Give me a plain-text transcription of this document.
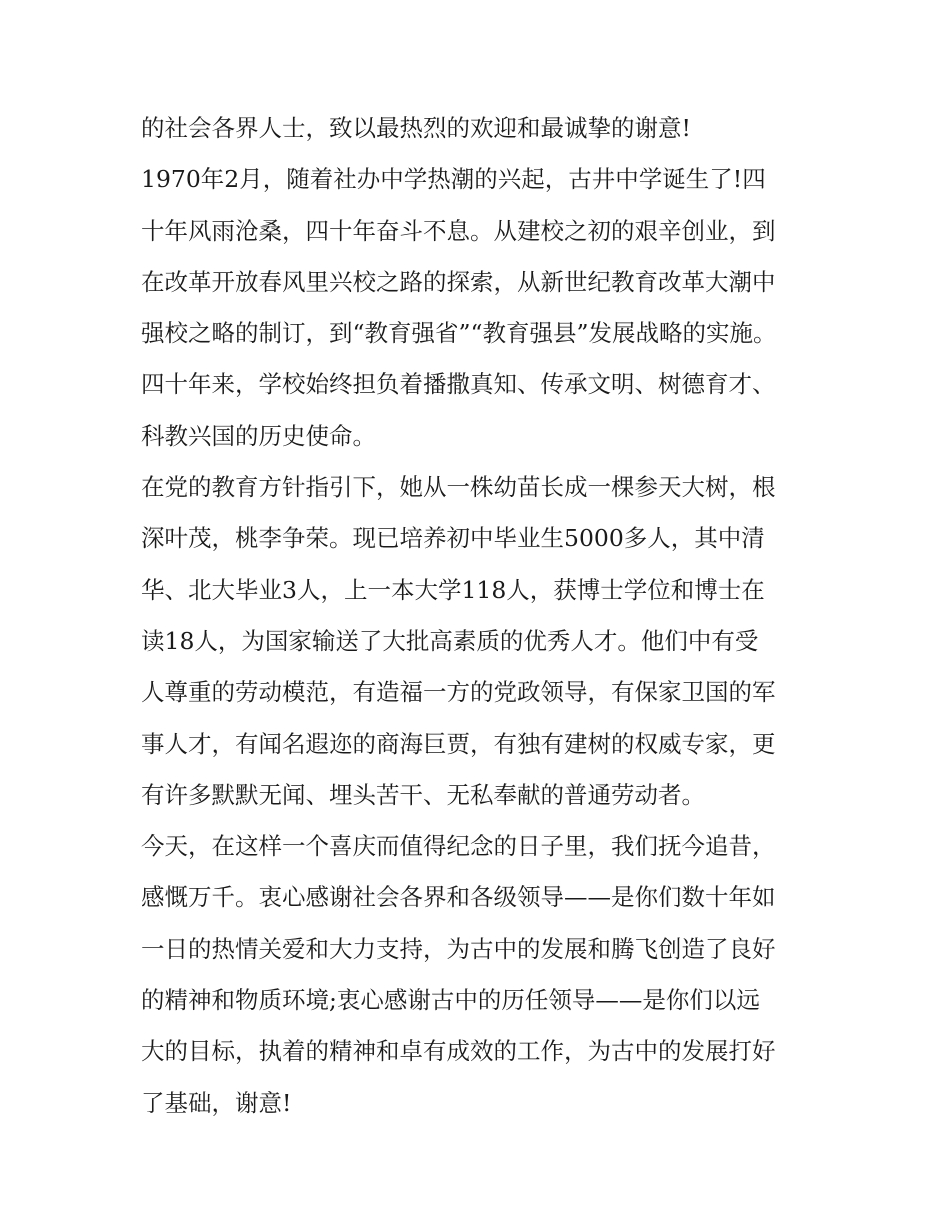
的社会各界人士，致以最热烈的欢迎和最诚挚的谢意!
1970年2月，随着社办中学热潮的兴起，古井中学诞生了!四
十年风雨沧桑，四十年奋斗不息。从建校之初的艰辛创业，到
在改革开放春风里兴校之路的探索，从新世纪教育改革大潮中
强校之略的制订，到“教育强省”“教育强县”发展战略的实施。
四十年来，学校始终担负着播撒真知、传承文明、树德育才、
科教兴国的历史使命。
在党的教育方针指引下，她从一株幼苗长成一棵参天大树，根
深叶茂，桃李争荣。现已培养初中毕业生5000多人，其中清
华、北大毕业3人，上一本大学118人，获博士学位和博士在
读18人，为国家输送了大批高素质的优秀人才。他们中有受
人尊重的劳动模范，有造福一方的党政领导，有保家卫国的军
事人才，有闻名遐迩的商海巨贾，有独有建树的权威专家，更
有许多默默无闻、埋头苦干、无私奉献的普通劳动者。
今天，在这样一个喜庆而值得纪念的日子里，我们抚今追昔，
感慨万千。衷心感谢社会各界和各级领导——是你们数十年如
一日的热情关爱和大力支持，为古中的发展和腾飞创造了良好
的精神和物质环境;衷心感谢古中的历任领导——是你们以远
大的目标，执着的精神和卓有成效的工作，为古中的发展打好
了基础，谢意!
